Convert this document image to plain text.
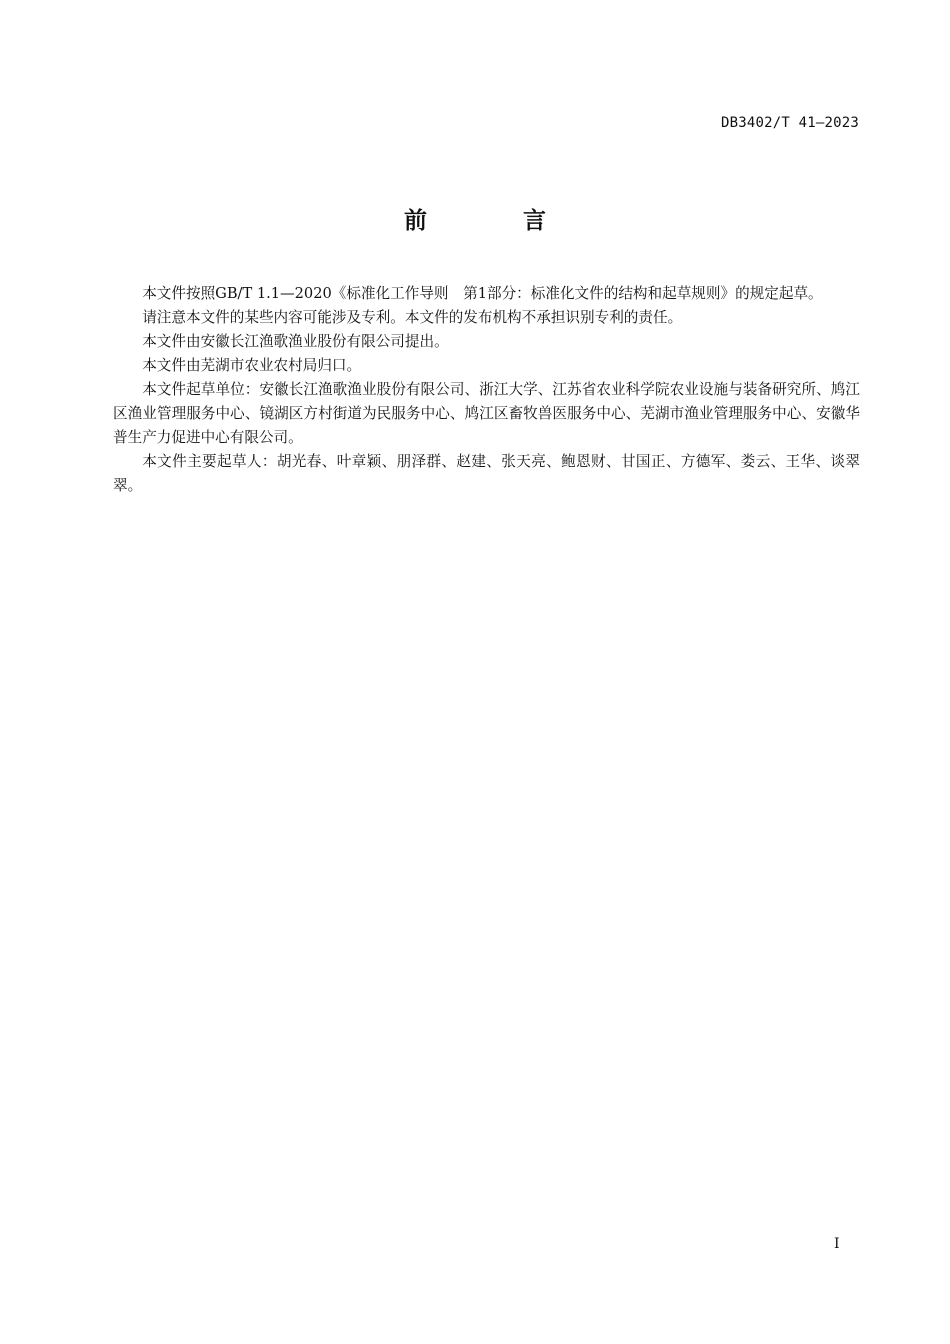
DB3402/T 41—2023
前 言

本文件按照GB/T 1.1—2020《标准化工作导则　第1部分：标准化文件的结构和起草规则》的规定起草。

请注意本文件的某些内容可能涉及专利。本文件的发布机构不承担识别专利的责任。

本文件由安徽长江渔歌渔业股份有限公司提出。

本文件由芜湖市农业农村局归口。

本文件起草单位：安徽长江渔歌渔业股份有限公司、浙江大学、江苏省农业科学院农业设施与装备研究所、鸠江区渔业管理服务中心、镜湖区方村街道为民服务中心、鸠江区畜牧兽医服务中心、芜湖市渔业管理服务中心、安徽华普生产力促进中心有限公司。

本文件主要起草人：胡光春、叶章颖、朋泽群、赵建、张天亮、鲍恩财、甘国正、方德军、娄云、王华、谈翠翠。

I
